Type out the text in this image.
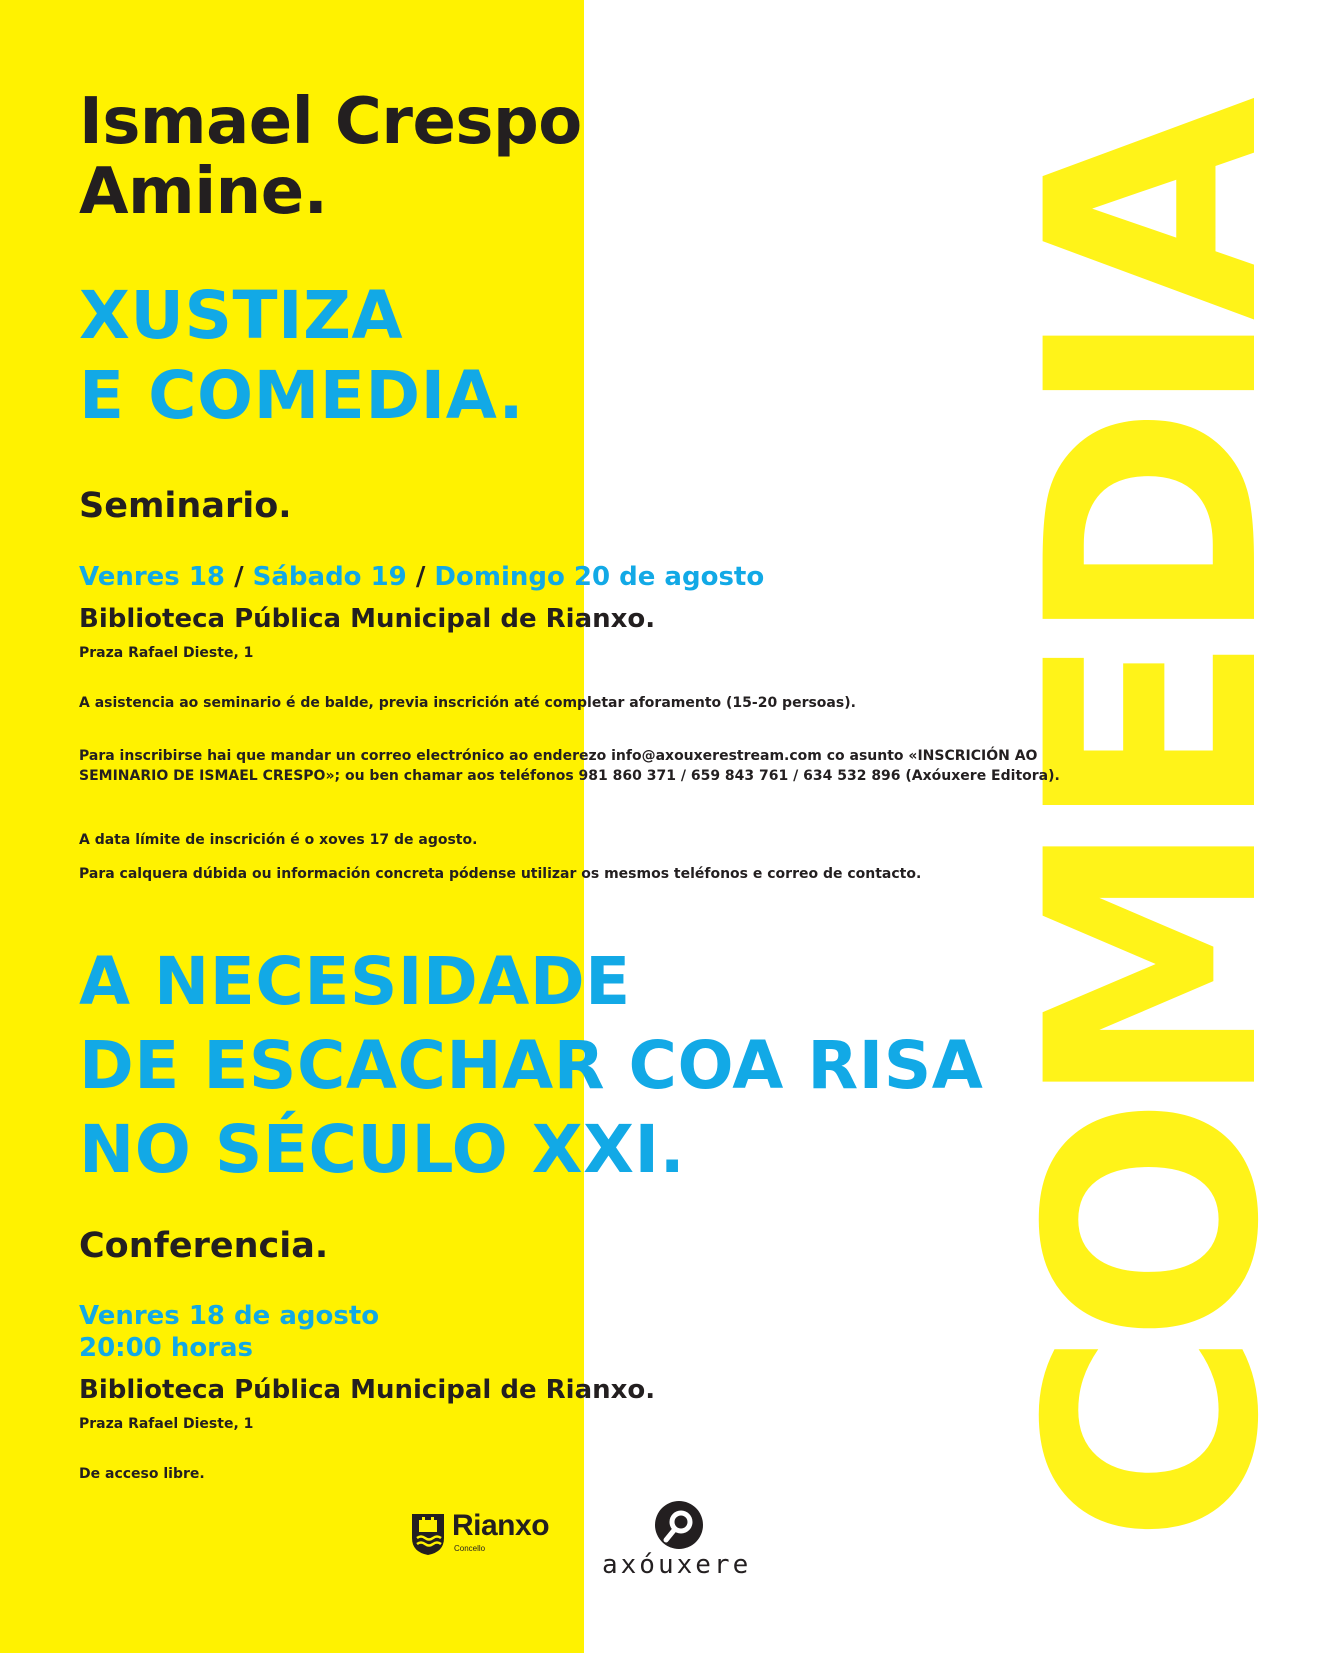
COMEDIA
Ismael Crespo
Amine.
XUSTIZA
E COMEDIA.
Seminario.
Venres 18 / Sábado 19 / Domingo 20 de agosto
Biblioteca Pública Municipal de Rianxo.
Praza Rafael Dieste, 1
A asistencia ao seminario é de balde, previa inscrición até completar aforamento (15-20 persoas).
Para inscribirse hai que mandar un correo electrónico ao enderezo info@axouxerestream.com co asunto «INSCRICIÓN AO SEMINARIO DE ISMAEL CRESPO»; ou ben chamar aos teléfonos 981 860 371 / 659 843 761 / 634 532 896 (Axóuxere Editora).
A data límite de inscrición é o xoves 17 de agosto.
Para calquera dúbida ou información concreta pódense utilizar os mesmos teléfonos e correo de contacto.
A NECESIDADE
DE ESCACHAR COA RISA
NO SÉCULO XXI.
Conferencia.
Venres 18 de agosto
20:00 horas
Biblioteca Pública Municipal de Rianxo.
Praza Rafael Dieste, 1
De acceso libre.
Rianxo
Concello
axóuxere
